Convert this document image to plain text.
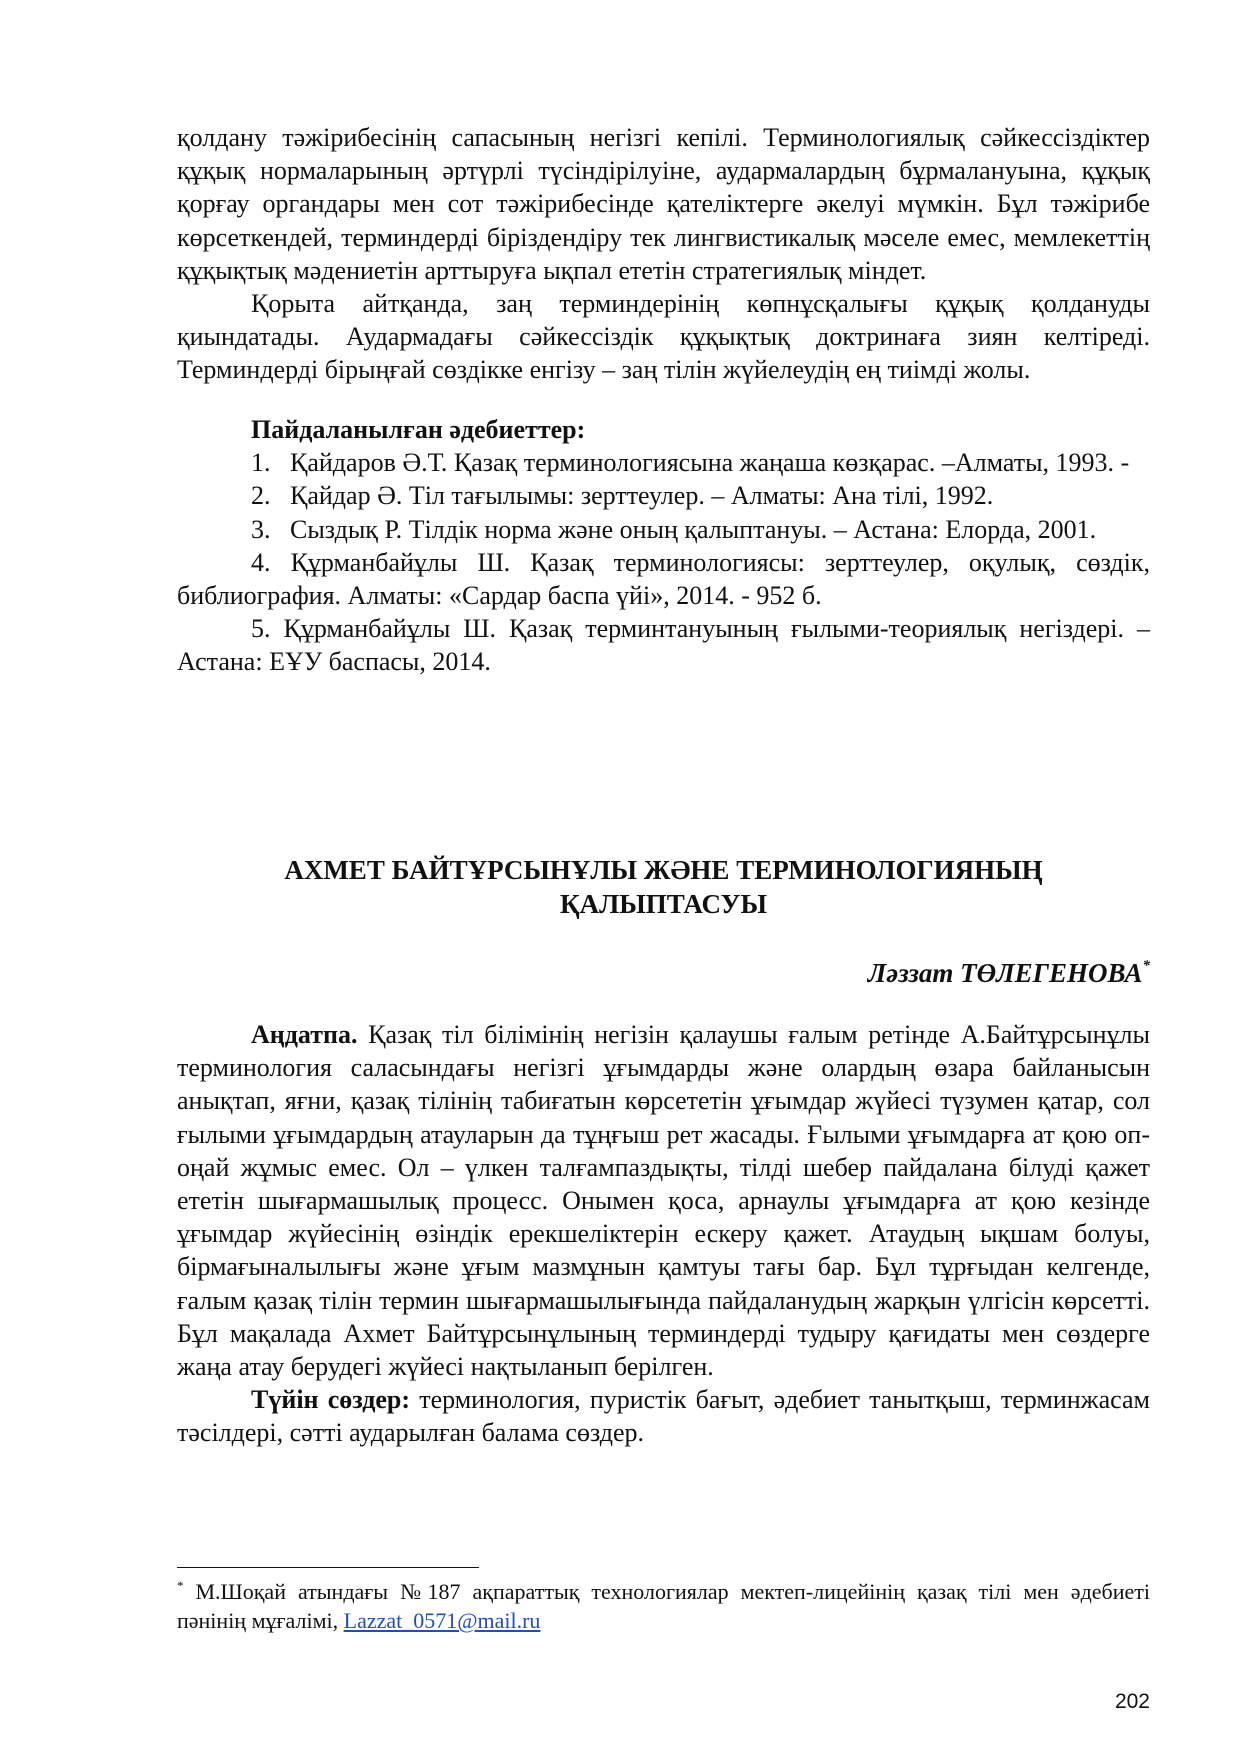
қолдану тәжірибесінің сапасының негізгі кепілі. Терминологиялық сәйкессіздіктер құқық нормаларының әртүрлі түсіндірілуіне, аудармалардың бұрмалануына, құқық қорғау органдары мен сот тәжірибесінде қателіктерге әкелуі мүмкін. Бұл тәжірибе көрсеткендей, терминдерді біріздендіру тек лингвистикалық мәселе емес, мемлекеттің құқықтық мәдениетін арттыруға ықпал ететін стратегиялық міндет.

Қорыта айтқанда, заң терминдерінің көпнұсқалығы құқық қолдануды қиындатады. Аудармадағы сәйкессіздік құқықтық доктринаға зиян келтіреді. Терминдерді бірыңғай сөздікке енгізу – заң тілін жүйелеудің ең тиімді жолы.

Пайдаланылған әдебиеттер:

1.   Қайдаров Ә.Т. Қазақ терминологиясына жаңаша көзқарас. –Алматы, 1993. -

2.   Қайдар Ә. Тіл тағылымы: зерттеулер. – Алматы: Ана тілі, 1992.

3.   Сыздық Р. Тілдік норма және оның қалыптануы. – Астана: Елорда, 2001.

4. Құрманбайұлы Ш. Қазақ терминологиясы: зерттеулер, оқулық, сөздік, библиография. Алматы: «Сардар баспа үйі», 2014. - 952 б.

5. Құрманбайұлы Ш. Қазақ терминтануының ғылыми-теориялық негіздері. – Астана: ЕҰУ баспасы, 2014.

АХМЕТ БАЙТҰРСЫНҰЛЫ ЖӘНЕ ТЕРМИНОЛОГИЯНЫҢ
ҚАЛЫПТАСУЫ

Ләззат ТӨЛЕГЕНОВА*

Аңдатпа. Қазақ тіл білімінің негізін қалаушы ғалым ретінде А.Байтұрсынұлы терминология саласындағы негізгі ұғымдарды және олардың өзара байланысын анықтап, яғни, қазақ тілінің табиғатын көрсететін ұғымдар жүйесі түзумен қатар, сол ғылыми ұғымдардың атауларын да тұңғыш рет жасады. Ғылыми ұғымдарға ат қою оп-оңай жұмыс емес. Ол – үлкен талғампаздықты, тілді шебер пайдалана білуді қажет ететін шығармашылық процесс. Онымен қоса, арнаулы ұғымдарға ат қою кезінде ұғымдар жүйесінің өзіндік ерекшеліктерін ескеру қажет. Атаудың ықшам болуы, бірмағыналылығы және ұғым мазмұнын қамтуы тағы бар. Бұл тұрғыдан келгенде, ғалым қазақ тілін термин шығармашылығында пайдаланудың жарқын үлгісін көрсетті. Бұл мақалада Ахмет Байтұрсынұлының терминдерді тудыру қағидаты мен сөздерге жаңа атау берудегі жүйесі нақтыланып берілген.

Түйін сөздер: терминология, пуристік бағыт, әдебиет танытқыш, терминжасам тәсілдері, сәтті аударылған балама сөздер.

* М.Шоқай атындағы №187 ақпараттық технологиялар мектеп-лицейінің қазақ тілі мен әдебиеті пәнінің мұғалімі, Lazzat_0571@mail.ru

202
